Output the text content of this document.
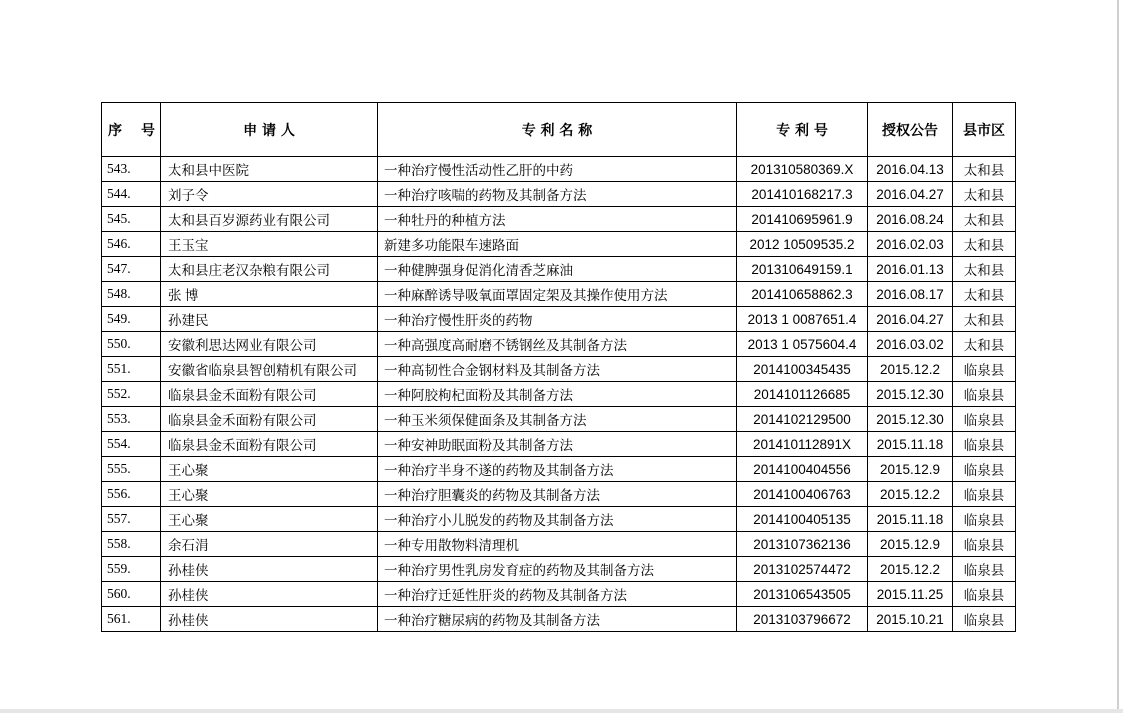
序 号	申 请 人	专 利 名 称	专 利 号	授权公告	县市区
543.	太和县中医院	一种治疗慢性活动性乙肝的中药	201310580369.X	2016.04.13	太和县
544.	刘子令	一种治疗咳喘的药物及其制备方法	201410168217.3	2016.04.27	太和县
545.	太和县百岁源药业有限公司	一种牡丹的种植方法	201410695961.9	2016.08.24	太和县
546.	王玉宝	新建多功能限车速路面	2012 10509535.2	2016.02.03	太和县
547.	太和县庄老汉杂粮有限公司	一种健脾强身促消化清香芝麻油	201310649159.1	2016.01.13	太和县
548.	张 博	一种麻醉诱导吸氧面罩固定架及其操作使用方法	201410658862.3	2016.08.17	太和县
549.	孙建民	一种治疗慢性肝炎的药物	2013 1 0087651.4	2016.04.27	太和县
550.	安徽利思达网业有限公司	一种高强度高耐磨不锈钢丝及其制备方法	2013 1 0575604.4	2016.03.02	太和县
551.	安徽省临泉县智创精机有限公司	一种高韧性合金钢材料及其制备方法	2014100345435	2015.12.2	临泉县
552.	临泉县金禾面粉有限公司	一种阿胶枸杞面粉及其制备方法	2014101126685	2015.12.30	临泉县
553.	临泉县金禾面粉有限公司	一种玉米须保健面条及其制备方法	2014102129500	2015.12.30	临泉县
554.	临泉县金禾面粉有限公司	一种安神助眠面粉及其制备方法	201410112891X	2015.11.18	临泉县
555.	王心聚	一种治疗半身不遂的药物及其制备方法	2014100404556	2015.12.9	临泉县
556.	王心聚	一种治疗胆囊炎的药物及其制备方法	2014100406763	2015.12.2	临泉县
557.	王心聚	一种治疗小儿脱发的药物及其制备方法	2014100405135	2015.11.18	临泉县
558.	余石涓	一种专用散物料清理机	2013107362136	2015.12.9	临泉县
559.	孙桂侠	一种治疗男性乳房发育症的药物及其制备方法	2013102574472	2015.12.2	临泉县
560.	孙桂侠	一种治疗迁延性肝炎的药物及其制备方法	2013106543505	2015.11.25	临泉县
561.	孙桂侠	一种治疗糖尿病的药物及其制备方法	2013103796672	2015.10.21	临泉县
